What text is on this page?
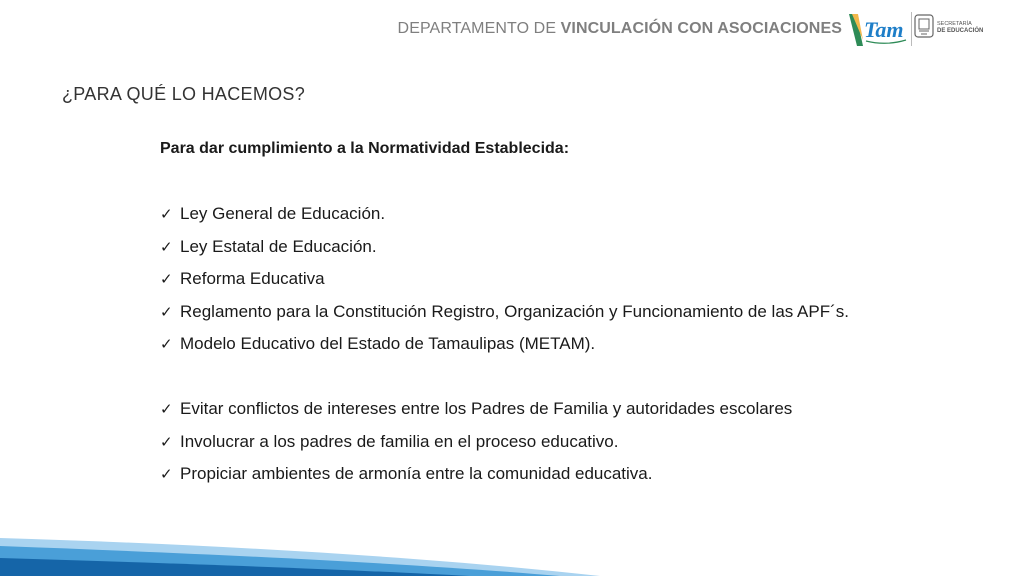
DEPARTAMENTO DE VINCULACIÓN CON ASOCIACIONES Tam	SECRETARÍA
DE EDUCACIÓN
¿PARA QUÉ LO HACEMOS?

Para dar cumplimiento a la Normatividad Establecida:

✓ Ley General de Educación.
✓ Ley Estatal de Educación.
✓ Reforma Educativa
✓ Reglamento para la Constitución Registro, Organización y Funcionamiento de las APF´s.
✓ Modelo Educativo del Estado de Tamaulipas (METAM).
✓ Evitar conflictos de intereses entre los Padres de Familia y autoridades escolares
✓ Involucrar a los padres de familia en el proceso educativo.
✓ Propiciar ambientes de armonía entre la comunidad educativa.
